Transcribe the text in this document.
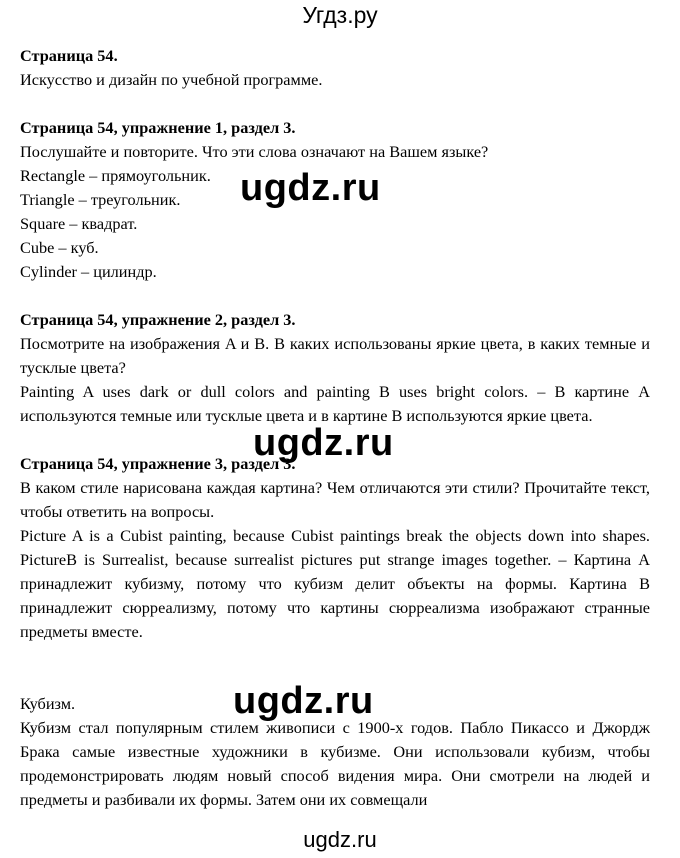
Угдз.ру

Страница 54.

Искусство и дизайн по учебной программе.

Страница 54, упражнение 1, раздел 3.

Послушайте и повторите. Что эти слова означают на Вашем языке?

Rectangle – прямоугольник.

Triangle – треугольник.

Square – квадрат.

Cube – куб.

Cylinder – цилиндр.

Страница 54, упражнение 2, раздел 3.

Посмотрите на изображения A и B. В каких использованы яркие цвета, в каких темные и тусклые цвета?

Painting A uses dark or dull colors and painting B uses bright colors. – В картине A используются темные или тусклые цвета и в картине B используются яркие цвета.

Страница 54, упражнение 3, раздел 3.

В каком стиле нарисована каждая картина? Чем отличаются эти стили? Прочитайте текст, чтобы ответить на вопросы.

Picture A is a Cubist painting, because Cubist paintings break the objects down into shapes. PictureB is Surrealist, because surrealist pictures put strange images together. – Картина A принадлежит кубизму, потому что кубизм делит объекты на формы. Картина B принадлежит сюрреализму, потому что картины сюрреализма изображают странные предметы вместе.

Кубизм.

Кубизм стал популярным стилем живописи с 1900-х годов. Пабло Пикассо и Джордж Брака самые известные художники в кубизме. Они использовали кубизм, чтобы продемонстрировать людям новый способ видения мира. Они смотрели на людей и предметы и разбивали их формы. Затем они их совмещали

ugdz.ru
ugdz.ru
ugdz.ru
ugdz.ru
